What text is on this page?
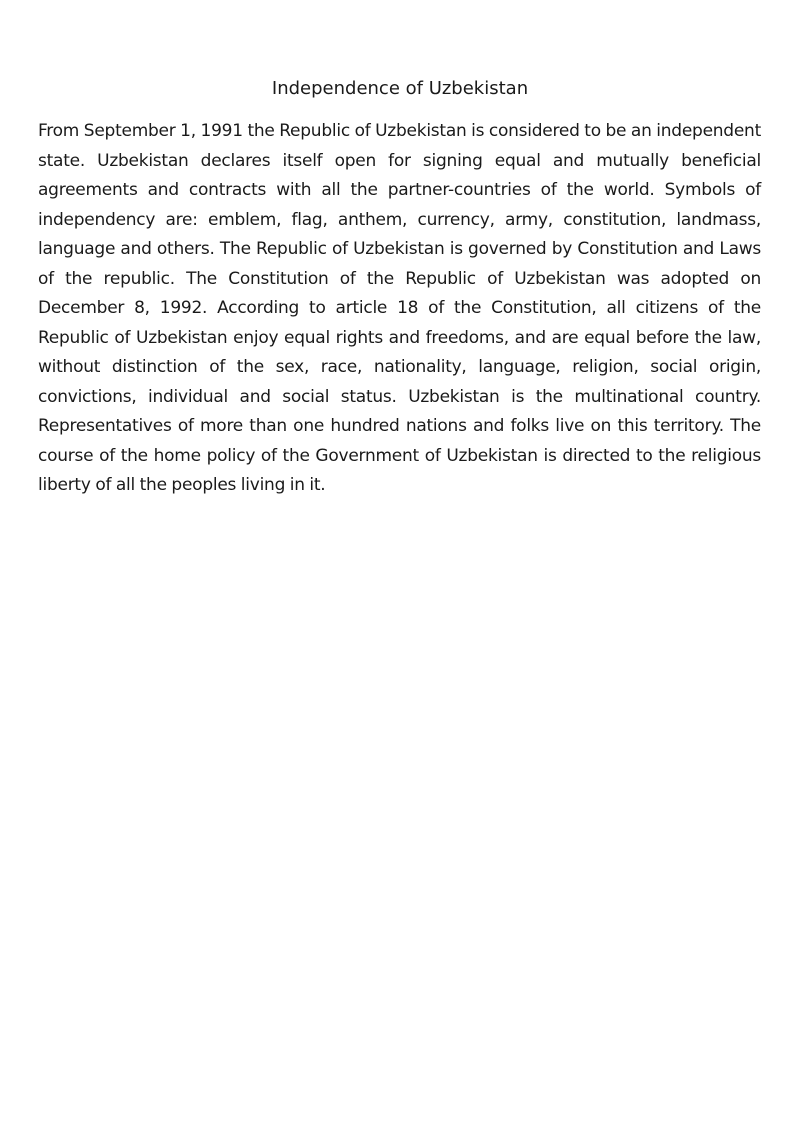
Independence of Uzbekistan

From September 1, 1991 the Republic of Uzbekistan is considered to be an independent state. Uzbekistan declares itself open for signing equal and mutually beneficial agreements and contracts with all the partner-countries of the world. Symbols of independency are: emblem, flag, anthem, currency, army, constitution, landmass, language and others. The Republic of Uzbekistan is governed by Constitution and Laws of the republic. The Constitution of the Republic of Uzbekistan was adopted on December 8, 1992. According to article 18 of the Constitution, all citizens of the Republic of Uzbekistan enjoy equal rights and freedoms, and are equal before the law, without distinction of the sex, race, nationality, language, religion, social origin, convictions, individual and social status. Uzbekistan is the multinational country. Representatives of more than one hundred nations and folks live on this territory. The course of the home policy of the Government of Uzbekistan is directed to the religious liberty of all the peoples living in it.
